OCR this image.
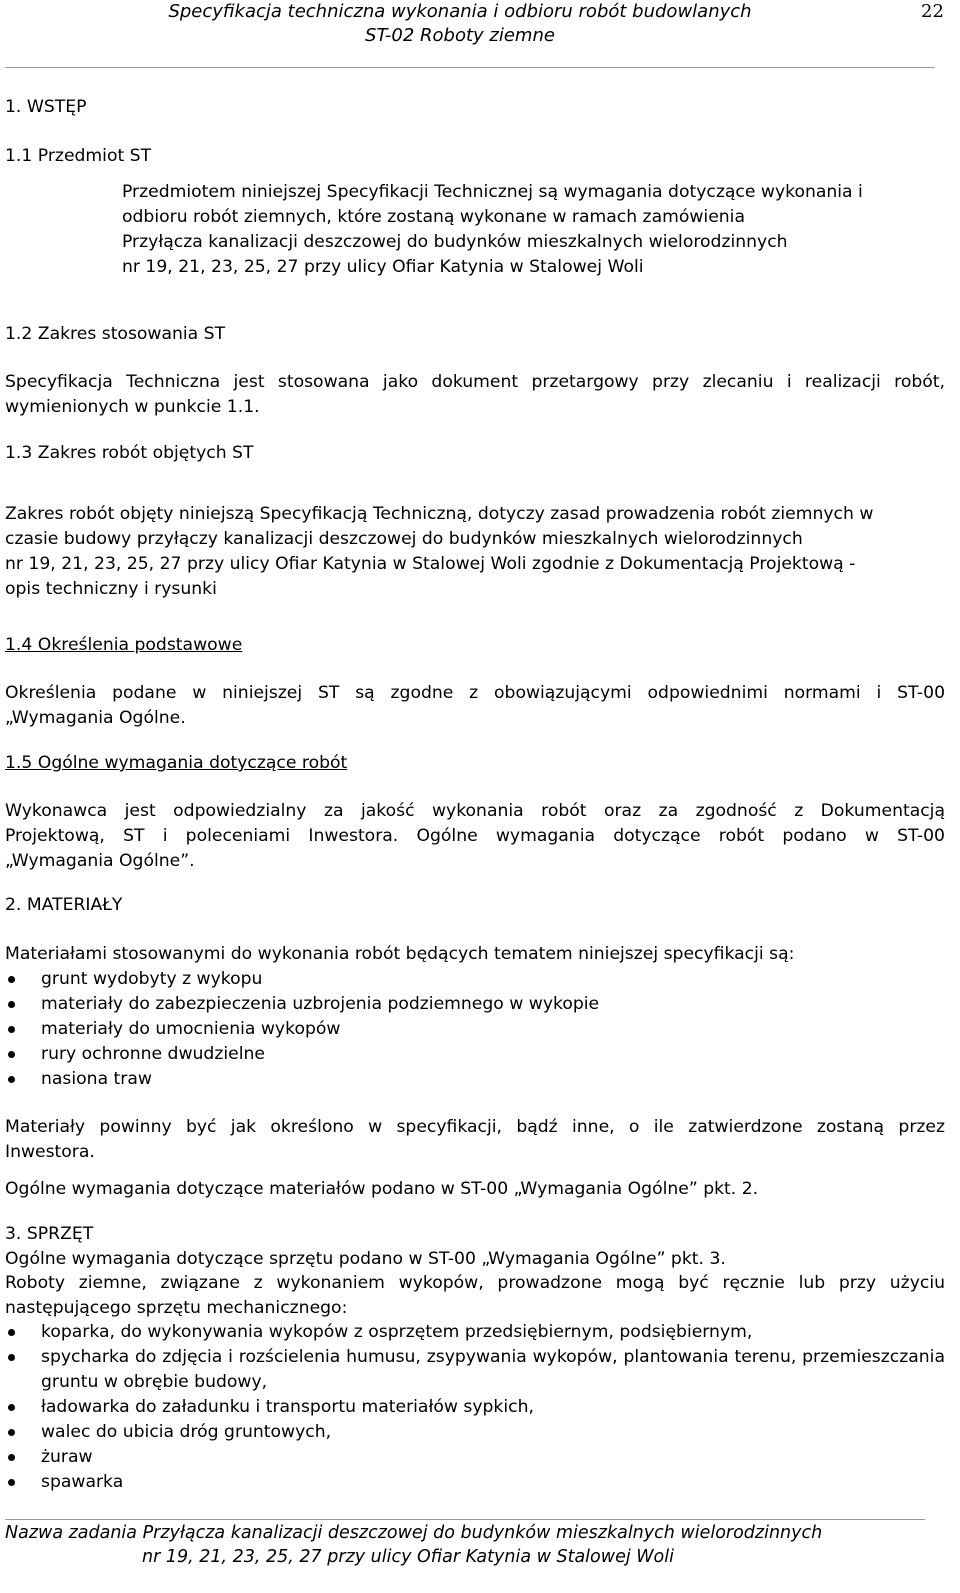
Specyfikacja techniczna wykonania i odbioru robót budowlanych
ST-02 Roboty ziemne
22
1. WSTĘP
1.1 Przedmiot ST
Przedmiotem niniejszej Specyfikacji Technicznej są wymagania dotyczące wykonania i
odbioru robót ziemnych, które zostaną wykonane w ramach zamówienia
Przyłącza kanalizacji deszczowej do budynków mieszkalnych wielorodzinnych
nr 19, 21, 23, 25, 27 przy ulicy Ofiar Katynia w Stalowej Woli
1.2 Zakres stosowania ST
Specyfikacja Techniczna jest stosowana jako dokument przetargowy przy zlecaniu i realizacji robót,
wymienionych w punkcie 1.1.
1.3 Zakres robót objętych ST
Zakres robót objęty niniejszą Specyfikacją Techniczną, dotyczy zasad prowadzenia robót ziemnych w
czasie budowy przyłączy kanalizacji deszczowej do budynków mieszkalnych wielorodzinnych
nr 19, 21, 23, 25, 27 przy ulicy Ofiar Katynia w Stalowej Woli zgodnie z Dokumentacją Projektową -
opis techniczny i rysunki
1.4 Określenia podstawowe
Określenia podane w niniejszej ST są zgodne z obowiązującymi odpowiednimi normami i ST-00
„Wymagania Ogólne.
1.5 Ogólne wymagania dotyczące robót
Wykonawca jest odpowiedzialny za jakość wykonania robót oraz za zgodność z Dokumentacją
Projektową, ST i poleceniami Inwestora. Ogólne wymagania dotyczące robót podano w ST-00
„Wymagania Ogólne”.
2. MATERIAŁY
Materiałami stosowanymi do wykonania robót będących tematem niniejszej specyfikacji są:
grunt wydobyty z wykopu
materiały do zabezpieczenia uzbrojenia podziemnego w wykopie
materiały do umocnienia wykopów
rury ochronne dwudzielne
nasiona traw
Materiały powinny być jak określono w specyfikacji, bądź inne, o ile zatwierdzone zostaną przez
Inwestora.
Ogólne wymagania dotyczące materiałów podano w ST-00 „Wymagania Ogólne” pkt. 2.
3. SPRZĘT
Ogólne wymagania dotyczące sprzętu podano w ST-00 „Wymagania Ogólne” pkt. 3.
Roboty ziemne, związane z wykonaniem wykopów, prowadzone mogą być ręcznie lub przy użyciu
następującego sprzętu mechanicznego:
koparka, do wykonywania wykopów z osprzętem przedsiębiernym, podsiębiernym,
spycharka do zdjęcia i rozścielenia humusu, zsypywania wykopów, plantowania terenu, przemieszczania gruntu w obrębie budowy,
ładowarka do załadunku i transportu materiałów sypkich,
walec do ubicia dróg gruntowych,
żuraw
spawarka
Nazwa zadania Przyłącza kanalizacji deszczowej do budynków mieszkalnych wielorodzinnych
nr 19, 21, 23, 25, 27 przy ulicy Ofiar Katynia w Stalowej Woli
